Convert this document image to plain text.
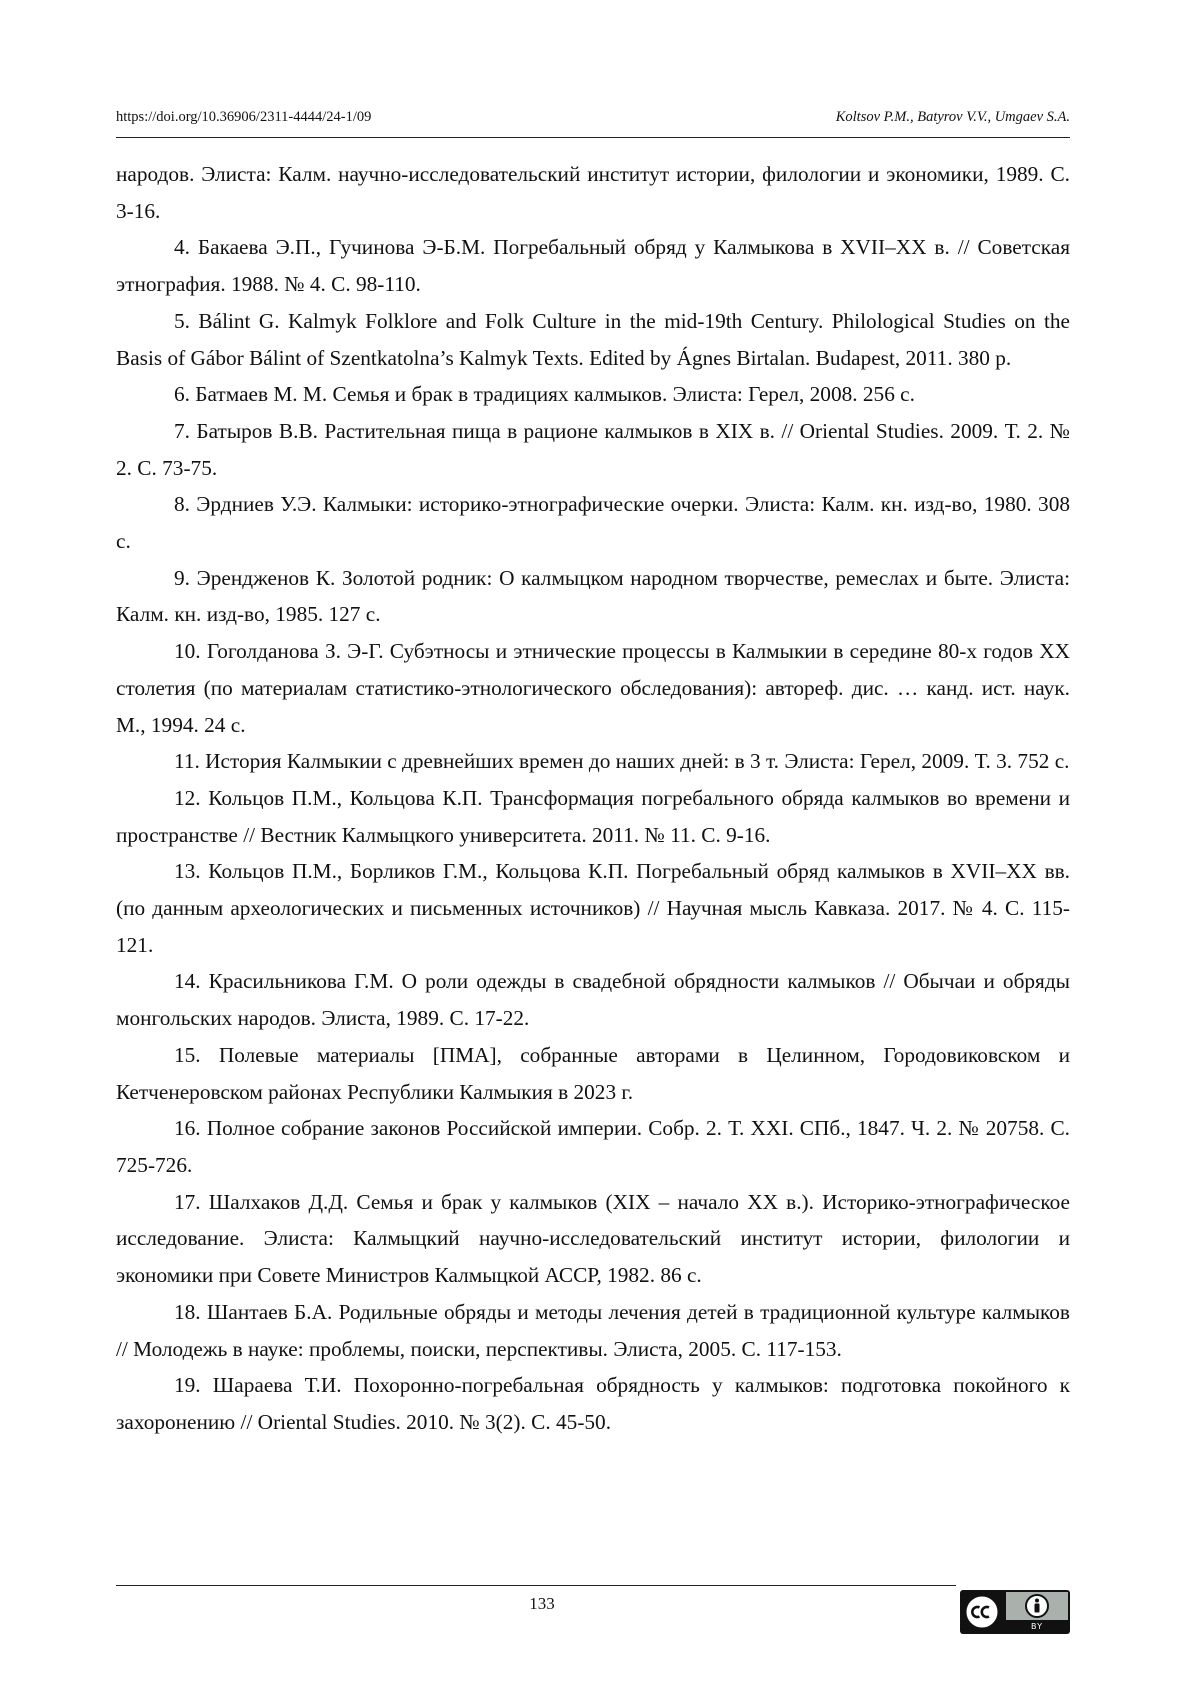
https://doi.org/10.36906/2311-4444/24-1/09	Koltsov P.M., Batyrov V.V., Umgaev S.A.

народов. Элиста: Калм. научно-исследовательский институт истории, филологии и экономики, 1989. С. 3-16.

4. Бакаева Э.П., Гучинова Э-Б.М. Погребальный обряд у Калмыкова в XVII–XX в. // Советская этнография. 1988. № 4. С. 98-110.

5. Bálint G. Kalmyk Folklore and Folk Culture in the mid-19th Century. Philological Studies on the Basis of Gábor Bálint of Szentkatolna’s Kalmyk Texts. Edited by Ágnes Birtalan. Budapest, 2011. 380 p.

6. Батмаев М. М. Семья и брак в традициях калмыков. Элиста: Герел, 2008. 256 с.

7. Батыров В.В. Растительная пища в рационе калмыков в XIX в. // Oriental Studies. 2009. Т. 2. № 2. С. 73-75.

8. Эрдниев У.Э. Калмыки: историко-этнографические очерки. Элиста: Калм. кн. изд-во, 1980. 308 с.

9. Эрендженов К. Золотой родник: О калмыцком народном творчестве, ремеслах и быте. Элиста: Калм. кн. изд-во, 1985. 127 с.

10. Гоголданова З. Э-Г. Субэтносы и этнические процессы в Калмыкии в середине 80-х годов XX столетия (по материалам статистико-этнологического обследования): автореф. дис. … канд. ист. наук. М., 1994. 24 с.

11. История Калмыкии с древнейших времен до наших дней: в 3 т. Элиста: Герел, 2009. Т. 3. 752 с.

12. Кольцов П.М., Кольцова К.П. Трансформация погребального обряда калмыков во времени и пространстве // Вестник Калмыцкого университета. 2011. № 11. С. 9-16.

13. Кольцов П.М., Борликов Г.М., Кольцова К.П. Погребальный обряд калмыков в XVII–XX вв. (по данным археологических и письменных источников) // Научная мысль Кавказа. 2017. № 4. С. 115-121.

14. Красильникова Г.М. О роли одежды в свадебной обрядности калмыков // Обычаи и обряды монгольских народов. Элиста, 1989. С. 17-22.

15. Полевые материалы [ПМА], собранные авторами в Целинном, Городовиковском и Кетченеровском районах Республики Калмыкия в 2023 г.

16. Полное собрание законов Российской империи. Собр. 2. Т. XXI. СПб., 1847. Ч. 2. № 20758. С. 725-726.

17. Шалхаков Д.Д. Семья и брак у калмыков (XIX – начало XX в.). Историко-этнографическое исследование. Элиста: Калмыцкий научно-исследовательский институт истории, филологии и экономики при Совете Министров Калмыцкой АССР, 1982. 86 с.

18. Шантаев Б.А. Родильные обряды и методы лечения детей в традиционной культуре калмыков // Молодежь в науке: проблемы, поиски, перспективы. Элиста, 2005. С. 117-153.

19. Шараева Т.И. Похоронно-погребальная обрядность у калмыков: подготовка покойного к захоронению // Oriental Studies. 2010. № 3(2). С. 45-50.

133
BY
